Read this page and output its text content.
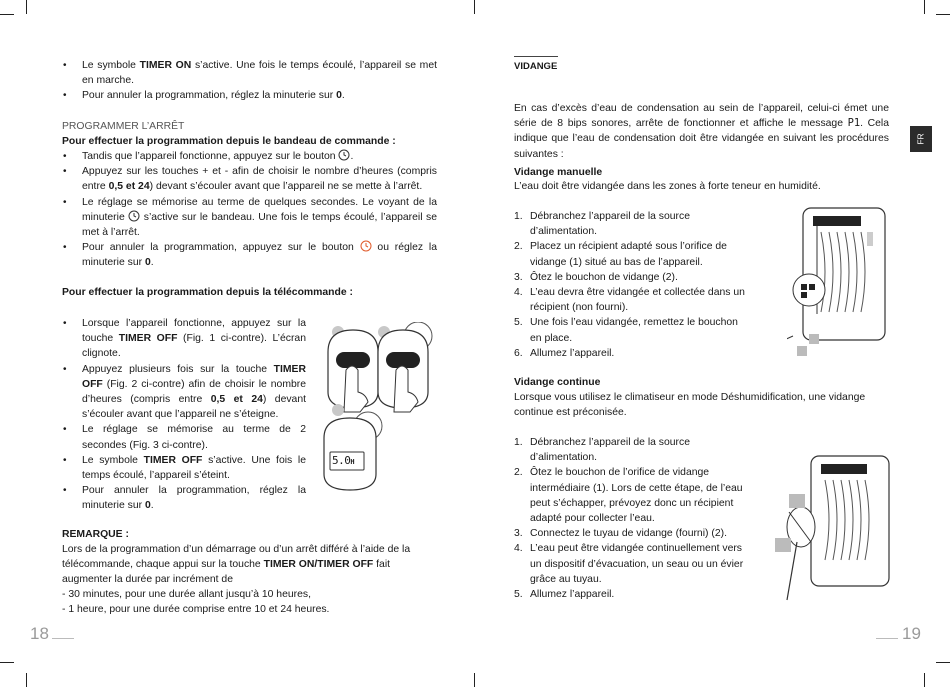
• Le symbole TIMER ON s’active. Une fois le temps écoulé, l’appareil se met en marche.
• Pour annuler la programmation, réglez la minuterie sur 0.
PROGRAMMER L’ARRÊT
Pour effectuer la programmation depuis le bandeau de commande :
• Tandis que l’appareil fonctionne, appuyez sur le bouton .
• Appuyez sur les touches + et - afin de choisir le nombre d’heures (compris entre 0,5 et 24) devant s’écouler avant que l’appareil ne se mette à l’arrêt.
• Le réglage se mémorise au terme de quelques secondes. Le voyant de la minuterie  s’active sur le bandeau. Une fois le temps écoulé, l’appareil se met à l’arrêt.
• Pour annuler la programmation, appuyez sur le bouton  ou réglez la minuterie sur 0.
Pour effectuer la programmation depuis la télécommande :
• Lorsque l’appareil fonctionne, appuyez sur la touche TIMER OFF (Fig. 1 ci-contre). L’écran clignote.
• Appuyez plusieurs fois sur la touche TIMER OFF (Fig. 2 ci-contre) afin de choisir le nombre d’heures (compris entre 0,5 et 24) devant s’écouler avant que l’appareil ne s’éteigne.
• Le réglage se mémorise au terme de 2 secondes (Fig. 3 ci-contre).
• Le symbole TIMER OFF s’active. Une fois le temps écoulé, l’appareil s’éteint.
• Pour annuler la programmation, réglez la minuterie sur 0.
5.0H
REMARQUE :
Lors de la programmation d’un démarrage ou d’un arrêt différé à l’aide de la télécommande, chaque appui sur la touche TIMER ON/TIMER OFF fait augmenter la durée par incrément de
- 30 minutes, pour une durée allant jusqu’à 10 heures,
- 1 heure, pour une durée comprise entre 10 et 24 heures.
18
VIDANGE
En cas d’excès d’eau de condensation au sein de l’appareil, celui-ci émet une série de 8 bips sonores, arrête de fonctionner et affiche le message P1. Cela indique que l’eau de condensation doit être vidangée en suivant les procédures suivantes :
Vidange manuelle
L’eau doit être vidangée dans les zones à forte teneur en humidité.
1. Débranchez l’appareil de la source d’alimentation.
2. Placez un récipient adapté sous l’orifice de vidange (1) situé au bas de l’appareil.
3. Ôtez le bouchon de vidange (2).
4. L’eau devra être vidangée et collectée dans un récipient (non fourni).
5. Une fois l’eau vidangée, remettez le bouchon en place.
6. Allumez l’appareil.
Vidange continue
Lorsque vous utilisez le climatiseur en mode Déshumidification, une vidange continue est préconisée.
1. Débranchez l’appareil de la source d’alimentation.
2. Ôtez le bouchon de l’orifice de vidange intermédiaire (1). Lors de cette étape, de l’eau peut s’échapper, prévoyez donc un récipient adapté pour collecter l’eau.
3. Connectez le tuyau de vidange (fourni) (2).
4. L’eau peut être vidangée continuellement vers un dispositif d’évacuation, un seau ou un évier grâce au tuyau.
5. Allumez l’appareil.
FR
19
